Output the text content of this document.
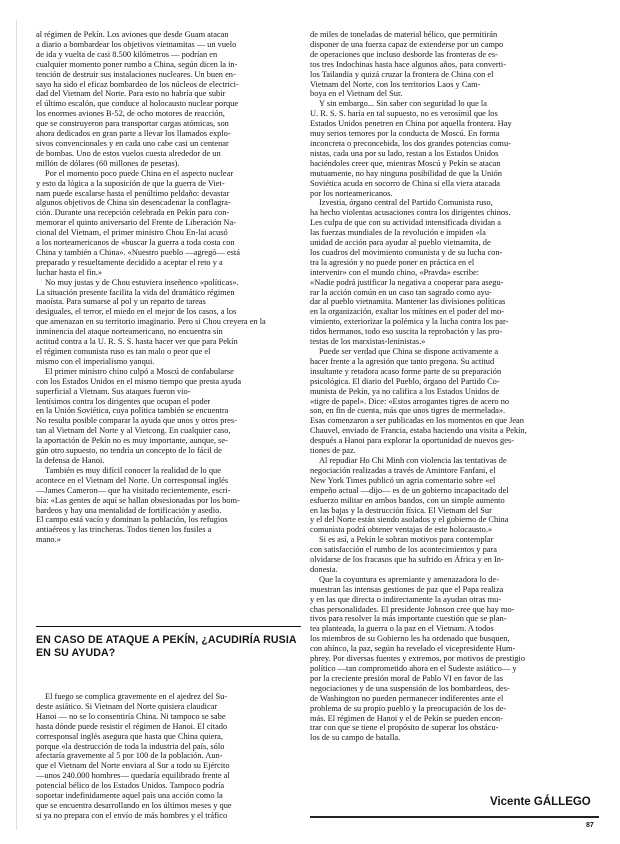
al régimen de Pekín. Los aviones que desde Guam atacan
a diario a bombardear los objetivos vietnamitas — un vuelo
de ida y vuelta de casi 8.500 kilómetros — podrían en
cualquier momento poner rumbo a China, según dicen la in-
tención de destruir sus instalaciones nucleares. Un buen en-
sayo ha sido el eficaz bombardeo de los núcleos de electrici-
dad del Vietnam del Norte. Para esto no habría que subir
el último escalón, que conduce al holocausto nuclear porque
los enormes aviones B-52, de ocho motores de reacción,
que se construyeron para transportar cargas atómicas, son
ahora dedicados en gran parte a llevar los llamados explo-
sivos convencionales y en cada uno cabe casi un centenar
de bombas. Uno de estos vuelos cuesta alrededor de un
millón de dólares (60 millones de pesetas).
Por el momento poco puede China en el aspecto nuclear
y esto da lógica a la suposición de que la guerra de Viet-
nam puede escalarse hasta el penúltimo peldaño: devastar
algunos objetivos de China sin desencadenar la conflagra-
ción. Durante una recepción celebrada en Pekín para con-
memorar el quinto aniversario del Frente de Liberación Na-
cional del Vietnam, el primer ministro Chou En-lai acusó
a los norteamericanos de «buscar la guerra a toda costa con
China y también a China». «Nuestro pueblo —agregó— está
preparado y resueltamente decidido a aceptar el reto y a
luchar hasta el fin.»
No muy justas y de Chou estuviera inseñenco «políticas».
La situación presente facilita la vida del dramático régimen
maoísta. Para sumarse al pol y un reparto de tareas
desiguales, el terror, el miedo en el mejor de los casos, a los
que amenazan en su territorio imaginario. Pero si Chou creyera en la
inminencia del ataque norteamericano, no encuentra sin
actitud contra a la U. R. S. S. hasta hacer ver que para Pekín
el régimen comunista ruso es tan malo o peor que el
mismo con el imperialismo yanqui.
El primer ministro chino culpó a Moscú de confabularse
con los Estados Unidos en el mismo tiempo que presta ayuda
superficial a Vietnam. Sus ataques fueron vio-
lentísimos contra los dirigentes que ocupan el poder
en la Unión Soviética, cuya política también se encuentra
No resulta posible comparar la ayuda que unos y otros pres-
tan al Vietnam del Norte y al Vietcong. En cualquier caso,
la aportación de Pekín no es muy importante, aunque, se-
gún otro supuesto, no tendría un concepto de lo fácil de
la defensa de Hanoi.
También es muy difícil conocer la realidad de lo que
acontece en el Vietnam del Norte. Un corresponsal inglés
—James Cameron— que ha visitado recientemente, escri-
bía: «Las gentes de aquí se hallan obsesionadas por los bom-
bardeos y hay una mentalidad de fortificación y asedio.
El campo está vacío y dominan la población, los refugios
antiaéreos y las trincheras. Todos tienen los fusiles a
mano.»

EN CASO DE ATAQUE A PEKÍN, ¿ACUDIRÍA RUSIA EN SU AYUDA?

El fuego se complica gravemente en el ajedrez del Su-
deste asiático. Si Vietnam del Norte quisiera claudicar
Hanoi — no se lo consentiría China. Ni tampoco se sabe
hasta dónde puede resistir el régimen de Hanoi. El citado
corresponsal inglés asegura que hasta que China quiera,
porque «la destrucción de toda la industria del país, sólo
afectaría gravemente al 5 por 100 de la población. Aun-
que el Vietnam del Norte enviara al Sur a todo su Ejército
—unos 240.000 hombres— quedaría equilibrado frente al
potencial bélico de los Estados Unidos. Tampoco podría
soportar indefinidamente aquel país una acción como la
que se encuentra desarrollando en los últimos meses y que
si ya no prepara con el envío de más hombres y el tráfico
de miles de toneladas de material bélico, que permitirán
disponer de una fuerza capaz de extenderse por un campo
de operaciones que incluso desborde las fronteras de es-
tos tres Indochinas hasta hace algunos años, para converti-
los Tailandia y quizá cruzar la frontera de China con el
Vietnam del Norte, con los territorios Laos y Cam-
boya en el Vietnam del Sur.
Y sin embargo... Sin saber con seguridad lo que la
U. R. S. S. haría en tal supuesto, no es verosímil que los
Estados Unidos penetren en China por aquella frontera. Hay
muy serios temores por la conducta de Moscú. En forma
inconcreta o preconcebida, los dos grandes potencias comu-
nistas, cada una por su lado, restan a los Estados Unidos
haciéndoles creer que, mientras Moscú y Pekín se atacan
mutuamente, no hay ninguna posibilidad de que la Unión
Soviética acuda en socorro de China si ella viera atacada
por los norteamericanos.
Izvestia, órgano central del Partido Comunista ruso,
ha hecho violentas acusaciones contra los dirigentes chinos.
Les culpa de que con su actividad intensificada dividan a
las fuerzas mundiales de la revolución e impiden «la
unidad de acción para ayudar al pueblo vietnamita, de
los cuadros del movimiento comunista y de su lucha con-
tra la agresión y no puede poner en práctica en el
intervenir» con el mundo chino, «Pravda» escribe:
«Nadie podrá justificar la negativa a cooperar para asegu-
rar la acción común en un caso tan sagrado como ayu-
dar al pueblo vietnamita. Mantener las divisiones políticas
en la organización, exaltar los mítines en el poder del mo-
vimiento, exteriorizar la polémica y la lucha contra los par-
tidos hermanos, todo eso suscita la reprobación y las pro-
testas de los marxistas-leninistas.»
Puede ser verdad que China se dispone activamente a
hacer frente a la agresión que tanto pregona. Su actitud
insultante y retadora acaso forme parte de su preparación
psicológica. El diario del Pueblo, órgano del Partido Co-
munista de Pekín, ya no califica a los Estados Unidos de
«tigre de papel». Dice: «Estos arrogantes tigres de acero no
son, en fin de cuenta, más que unos tigres de mermelada».
Esas comenzaron a ser publicadas en los momentos en que Jean
Chauvel, enviado de Francia, estaba haciendo una visita a Pekín,
después a Hanoi para explorar la oportunidad de nuevos ges-
tiones de paz.
Al repudiar Ho Chi Minh con violencia las tentativas de
negociación realizadas a través de Amintore Fanfani, el
New York Times publicó un agria comentario sobre «el
empeño actual —dijo— es de un gobierno incapacitado del
esfuerzo militar en ambos bandos, con un simple aumento
en las bajas y la destrucción física. El Vietnam del Sur
y el del Norte están siendo asolados y el gobierno de China
comunista podrá obtener ventajas de este holocausto.»
Si es así, a Pekín le sobran motivos para contemplar
con satisfacción el rumbo de los acontecimientos y para
olvidarse de los fracasos que ha sufrido en África y en In-
donesia.
Que la coyuntura es apremiante y amenazadora lo de-
muestran las intensas gestiones de paz que el Papa realiza
y en las que directa o indirectamente la ayudan otras mu-
chas personalidades. El presidente Johnson cree que hay mo-
tivos para resolver la más importante cuestión que se plan-
tea planteada, la guerra o la paz en el Vietnam. A todos
los miembros de su Gobierno les ha ordenado que busquen,
con ahínco, la paz, según ha revelado el vicepresidente Hum-
phrey. Por diversas fuentes y extremos, por motivos de prestigio
político —tan comprometido ahora en el Sudeste asiático— y
por la creciente presión moral de Pablo VI en favor de las
negociaciones y de una suspensión de los bombardeos, des-
de Washington no pueden permanecer indiferentes ante el
problema de su propio pueblo y la preocupación de los de-
más. El régimen de Hanoi y el de Pekín se pueden encon-
trar con que se tiene el propósito de superar los obstácu-
los de su campo de batalla.
Vicente GÁLLEGO
87
